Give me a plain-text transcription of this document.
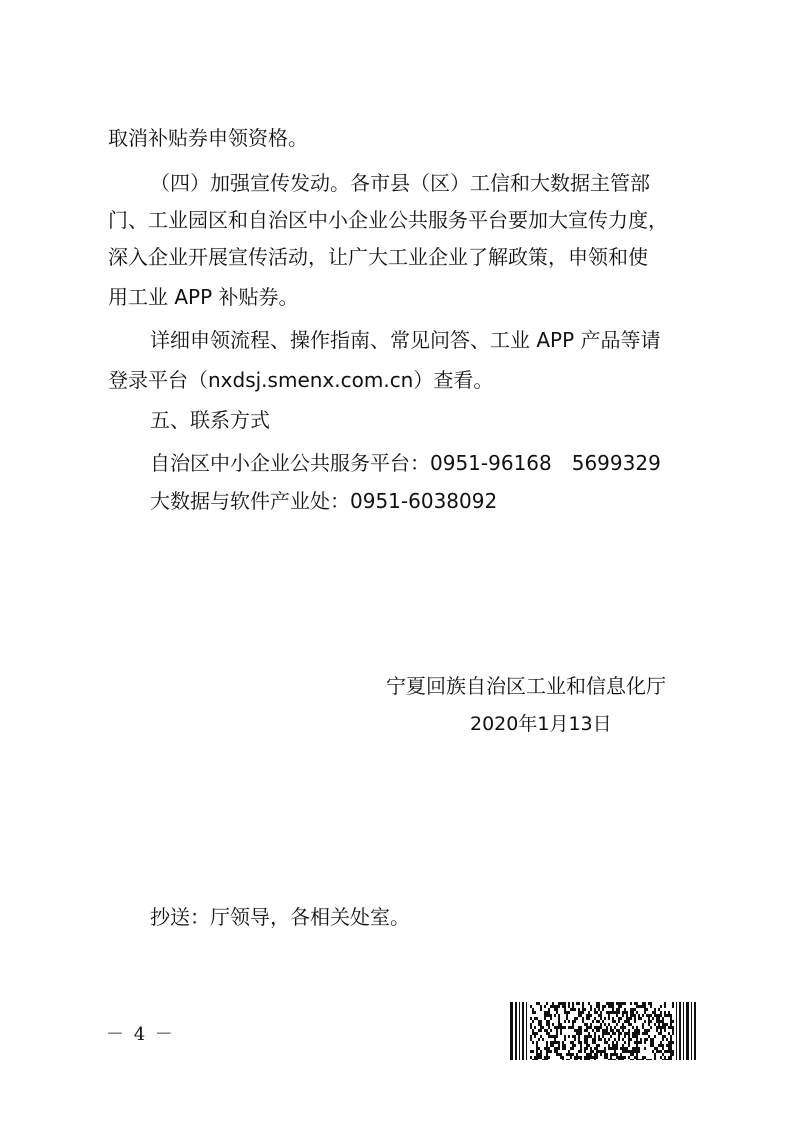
取消补贴券申领资格。

（四）加强宣传发动。各市县（区）工信和大数据主管部

门、工业园区和自治区中小企业公共服务平台要加大宣传力度，

深入企业开展宣传活动，让广大工业企业了解政策，申领和使

用工业 APP 补贴券。

详细申领流程、操作指南、常见问答、工业 APP 产品等请

登录平台（nxdsj.smenx.com.cn）查看。

五、联系方式

自治区中小企业公共服务平台：0951-96168　5699329

大数据与软件产业处：0951-6038092

宁夏回族自治区工业和信息化厅

2020年1月13日

抄送：厅领导，各相关处室。

－ 4 －
